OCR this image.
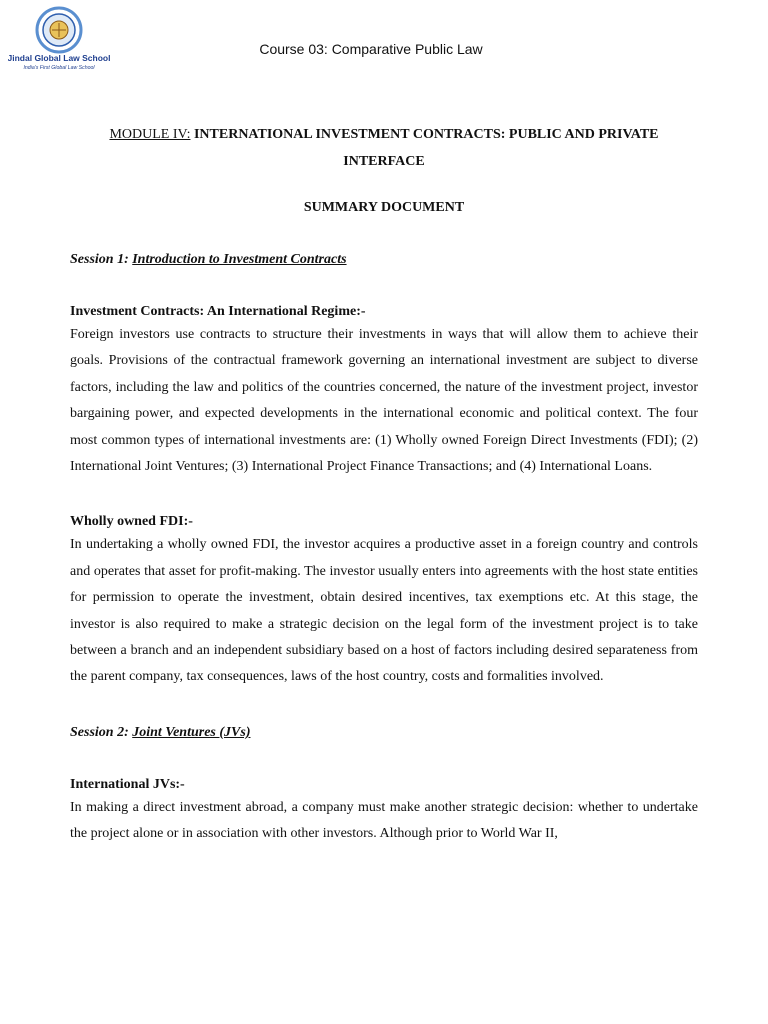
Jindal Global Law School
India's First Global Law School
Course 03: Comparative Public Law
MODULE IV: INTERNATIONAL INVESTMENT CONTRACTS: PUBLIC AND PRIVATE INTERFACE
SUMMARY DOCUMENT
Session 1: Introduction to Investment Contracts
Investment Contracts: An International Regime:-

Foreign investors use contracts to structure their investments in ways that will allow them to achieve their goals. Provisions of the contractual framework governing an international investment are subject to diverse factors, including the law and politics of the countries concerned, the nature of the investment project, investor bargaining power, and expected developments in the international economic and political context. The four most common types of international investments are: (1) Wholly owned Foreign Direct Investments (FDI); (2) International Joint Ventures; (3) International Project Finance Transactions; and (4) International Loans.

Wholly owned FDI:-

In undertaking a wholly owned FDI, the investor acquires a productive asset in a foreign country and controls and operates that asset for profit-making. The investor usually enters into agreements with the host state entities for permission to operate the investment, obtain desired incentives, tax exemptions etc. At this stage, the investor is also required to make a strategic decision on the legal form of the investment project is to take between a branch and an independent subsidiary based on a host of factors including desired separateness from the parent company, tax consequences, laws of the host country, costs and formalities involved.

Session 2: Joint Ventures (JVs)
International JVs:-

In making a direct investment abroad, a company must make another strategic decision: whether to undertake the project alone or in association with other investors. Although prior to World War II,
